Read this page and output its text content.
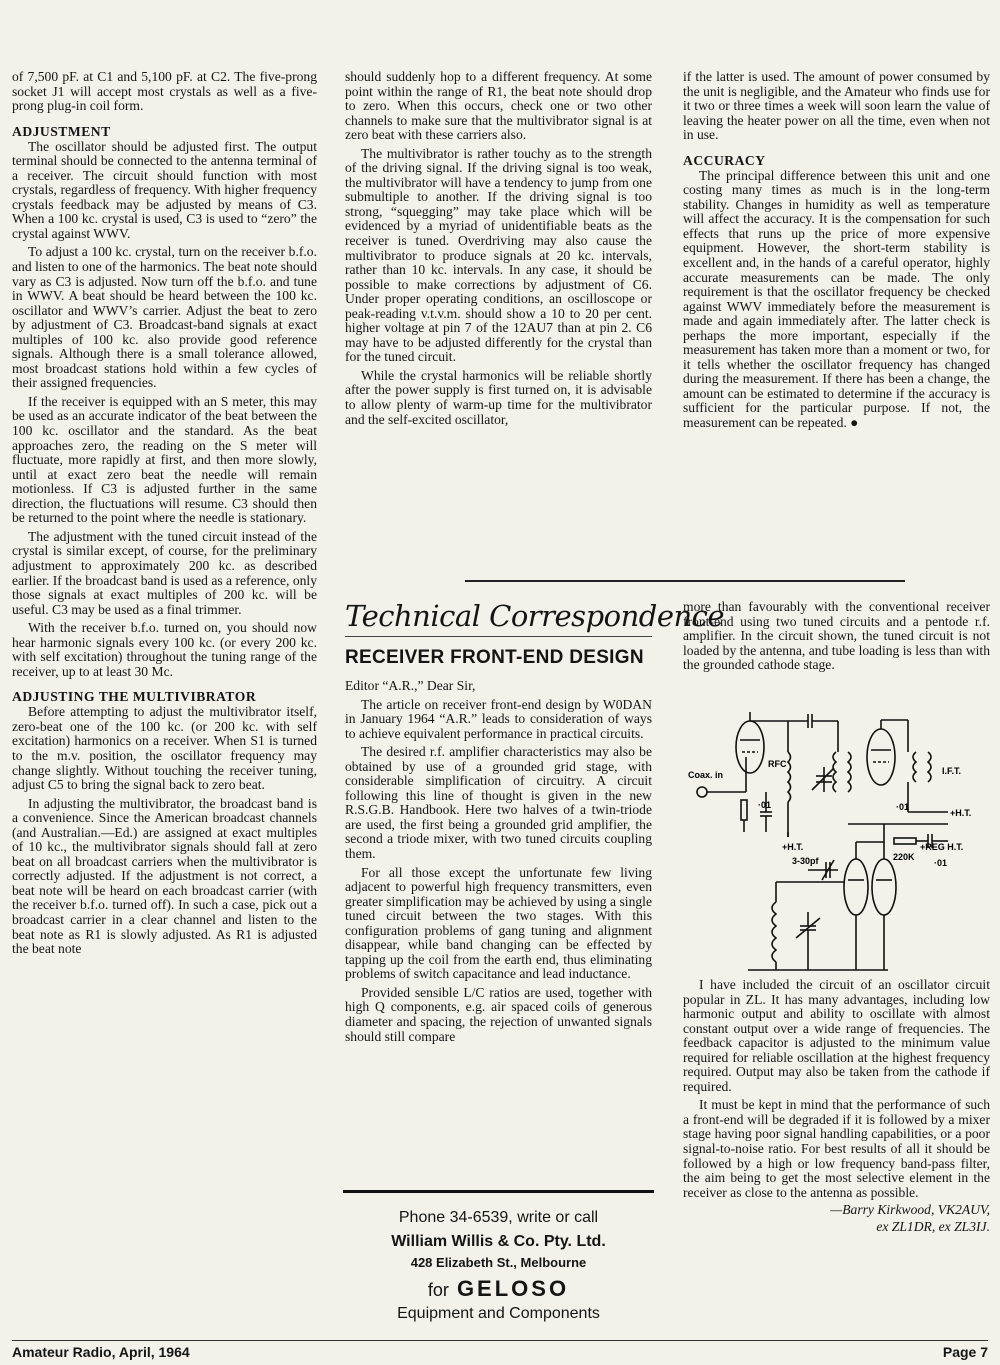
of 7,500 pF. at C1 and 5,100 pF. at C2. The five-prong socket J1 will accept most crystals as well as a five-prong plug-in coil form.

ADJUSTMENT

The oscillator should be adjusted first. The output terminal should be connected to the antenna terminal of a receiver. The circuit should function with most crystals, regardless of frequency. With higher frequency crystals feedback may be adjusted by means of C3. When a 100 kc. crystal is used, C3 is used to “zero” the crystal against WWV.

To adjust a 100 kc. crystal, turn on the receiver b.f.o. and listen to one of the harmonics. The beat note should vary as C3 is adjusted. Now turn off the b.f.o. and tune in WWV. A beat should be heard between the 100 kc. oscillator and WWV’s carrier. Adjust the beat to zero by adjustment of C3. Broadcast-band signals at exact multiples of 100 kc. also provide good reference signals. Although there is a small tolerance allowed, most broadcast stations hold within a few cycles of their assigned frequencies.

If the receiver is equipped with an S meter, this may be used as an accurate indicator of the beat between the 100 kc. oscillator and the standard. As the beat approaches zero, the reading on the S meter will fluctuate, more rapidly at first, and then more slowly, until at exact zero beat the needle will remain motionless. If C3 is adjusted further in the same direction, the fluctuations will resume. C3 should then be returned to the point where the needle is stationary.

The adjustment with the tuned circuit instead of the crystal is similar except, of course, for the preliminary adjustment to approximately 200 kc. as described earlier. If the broadcast band is used as a reference, only those signals at exact multiples of 200 kc. will be useful. C3 may be used as a final trimmer.

With the receiver b.f.o. turned on, you should now hear harmonic signals every 100 kc. (or every 200 kc. with self excitation) throughout the tuning range of the receiver, up to at least 30 Mc.

ADJUSTING THE MULTIVIBRATOR

Before attempting to adjust the multivibrator itself, zero-beat one of the 100 kc. (or 200 kc. with self excitation) harmonics on a receiver. When S1 is turned to the m.v. position, the oscillator frequency may change slightly. Without touching the receiver tuning, adjust C5 to bring the signal back to zero beat.

In adjusting the multivibrator, the broadcast band is a convenience. Since the American broadcast channels (and Australian.—Ed.) are assigned at exact multiples of 10 kc., the multivibrator signals should fall at zero beat on all broadcast carriers when the multivibrator is correctly adjusted. If the adjustment is not correct, a beat note will be heard on each broadcast carrier (with the receiver b.f.o. turned off). In such a case, pick out a broadcast carrier in a clear channel and listen to the beat note as R1 is slowly adjusted. As R1 is adjusted the beat note

should suddenly hop to a different frequency. At some point within the range of R1, the beat note should drop to zero. When this occurs, check one or two other channels to make sure that the multivibrator signal is at zero beat with these carriers also.

The multivibrator is rather touchy as to the strength of the driving signal. If the driving signal is too weak, the multivibrator will have a tendency to jump from one submultiple to another. If the driving signal is too strong, “squegging” may take place which will be evidenced by a myriad of unidentifiable beats as the receiver is tuned. Overdriving may also cause the multivibrator to produce signals at 20 kc. intervals, rather than 10 kc. intervals. In any case, it should be possible to make corrections by adjustment of C6. Under proper operating conditions, an oscilloscope or peak-reading v.t.v.m. should show a 10 to 20 per cent. higher voltage at pin 7 of the 12AU7 than at pin 2. C6 may have to be adjusted differently for the crystal than for the tuned circuit.

While the crystal harmonics will be reliable shortly after the power supply is first turned on, it is advisable to allow plenty of warm-up time for the multivibrator and the self-excited oscillator,

if the latter is used. The amount of power consumed by the unit is negligible, and the Amateur who finds use for it two or three times a week will soon learn the value of leaving the heater power on all the time, even when not in use.

ACCURACY

The principal difference between this unit and one costing many times as much is in the long-term stability. Changes in humidity as well as temperature will affect the accuracy. It is the compensation for such effects that runs up the price of more expensive equipment. However, the short-term stability is excellent and, in the hands of a careful operator, highly accurate measurements can be made. The only requirement is that the oscillator frequency be checked against WWV immediately before the measurement is made and again immediately after. The latter check is perhaps the more important, especially if the measurement has taken more than a moment or two, for it tells whether the oscillator frequency has changed during the measurement. If there has been a change, the amount can be estimated to determine if the accuracy is sufficient for the particular purpose. If not, the measurement can be repeated. ●

Technical Correspondence
RECEIVER FRONT-END DESIGN

Editor “A.R.,” Dear Sir,

The article on receiver front-end design by W0DAN in January 1964 “A.R.” leads to consideration of ways to achieve equivalent performance in practical circuits.

The desired r.f. amplifier characteristics may also be obtained by use of a grounded grid stage, with considerable simplification of circuitry. A circuit following this line of thought is given in the new R.S.G.B. Handbook. Here two halves of a twin-triode are used, the first being a grounded grid amplifier, the second a triode mixer, with two tuned circuits coupling them.

For all those except the unfortunate few living adjacent to powerful high frequency transmitters, even greater simplification may be achieved by using a single tuned circuit between the two stages. With this configuration problems of gang tuning and alignment disappear, while band changing can be effected by tapping up the coil from the earth end, thus eliminating problems of switch capacitance and lead inductance.

Provided sensible L/C ratios are used, together with high Q components, e.g. air spaced coils of generous diameter and spacing, the rejection of unwanted signals should still compare

more than favourably with the conventional receiver front-end using two tuned circuits and a pentode r.f. amplifier. In the circuit shown, the tuned circuit is not loaded by the antenna, and tube loading is less than with the grounded cathode stage.

Coax. in
RFC
·01
+H.T.
·01
I.F.T.
+H.T.
+REG H.T.
3-30pf	220K
·01

I have included the circuit of an oscillator circuit popular in ZL. It has many advantages, including low harmonic output and ability to oscillate with almost constant output over a wide range of frequencies. The feedback capacitor is adjusted to the minimum value required for reliable oscillation at the highest frequency required. Output may also be taken from the cathode if required.

It must be kept in mind that the performance of such a front-end will be degraded if it is followed by a mixer stage having poor signal handling capabilities, or a poor signal-to-noise ratio. For best results of all it should be followed by a high or low frequency band-pass filter, the aim being to get the most selective element in the receiver as close to the antenna as possible.

—Barry Kirkwood, VK2AUV,
ex ZL1DR, ex ZL3IJ.
Phone 34-6539, write or call
William Willis & Co. Pty. Ltd.
428 Elizabeth St., Melbourne
for GELOSO
Equipment and Components
Amateur Radio, April, 1964	Page 7
